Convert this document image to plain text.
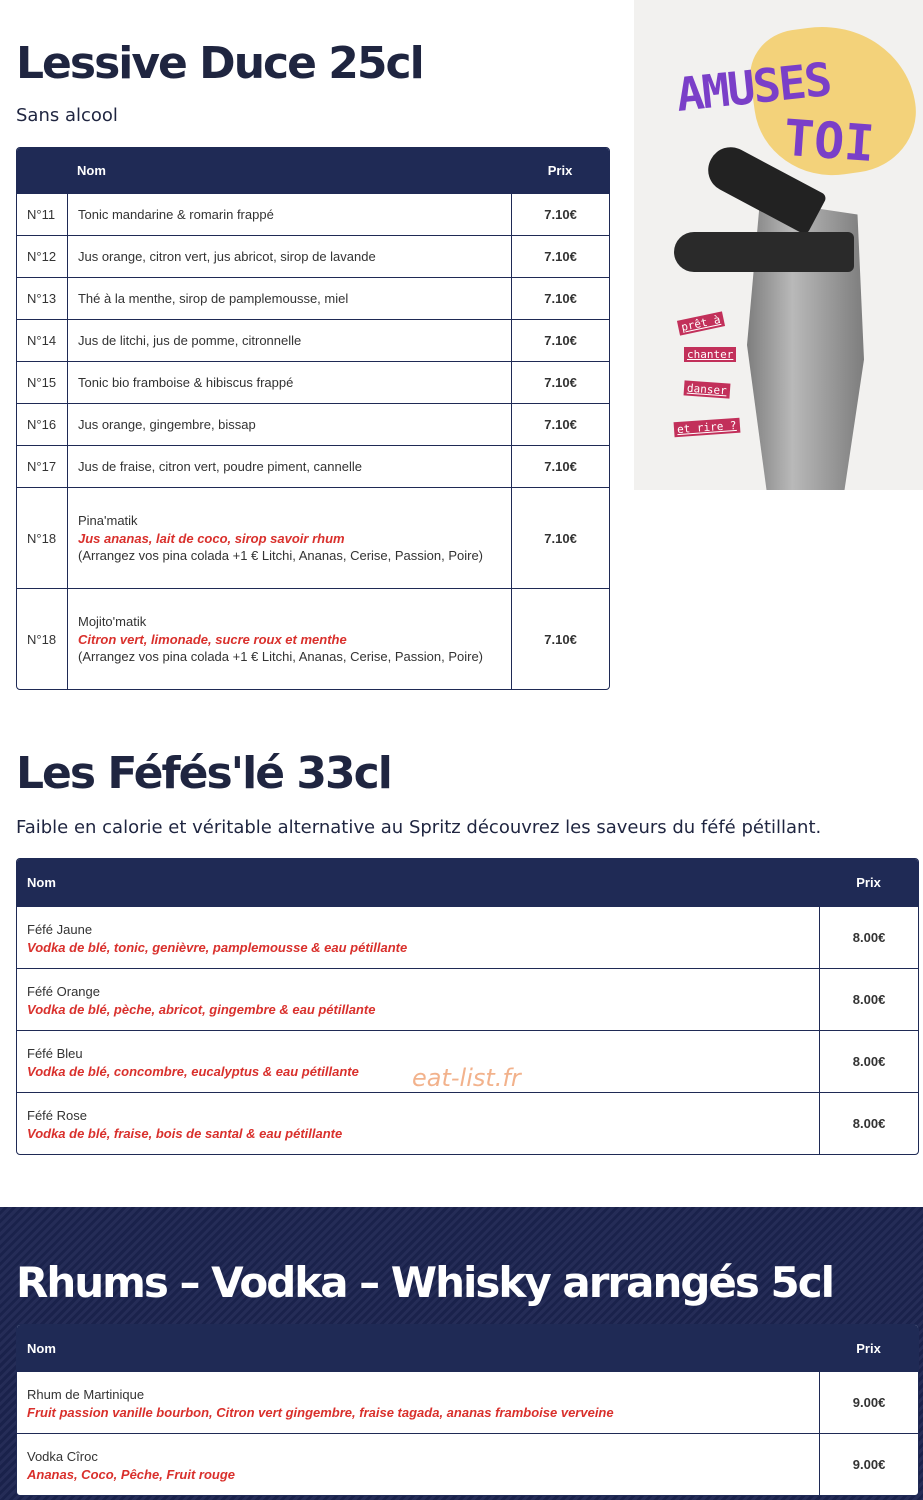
Lessive Duce 25cl

Sans alcool

	Nom	Prix
N°11	Tonic mandarine & romarin frappé	7.10€
N°12	Jus orange, citron vert, jus abricot, sirop de lavande	7.10€
N°13	Thé à la menthe, sirop de pamplemousse, miel	7.10€
N°14	Jus de litchi, jus de pomme, citronnelle	7.10€
N°15	Tonic bio framboise & hibiscus frappé	7.10€
N°16	Jus orange, gingembre, bissap	7.10€
N°17	Jus de fraise, citron vert, poudre piment, cannelle	7.10€
N°18	Pina'matik
Jus ananas, lait de coco, sirop savoir rhum
(Arrangez vos pina colada +1 € Litchi, Ananas, Cerise, Passion, Poire)	7.10€
N°18	Mojito'matik
Citron vert, limonade, sucre roux et menthe
(Arrangez vos pina colada +1 € Litchi, Ananas, Cerise, Passion, Poire)	7.10€
AMUSES
TOI
prêt à
chanter
danser
et rire ?
Les Féfés'lé 33cl

Faible en calorie et véritable alternative au Spritz découvrez les saveurs du féfé pétillant.

Nom	Prix

Féfé Jaune
Vodka de blé, tonic, genièvre, pamplemousse & eau pétillante	8.00€

Féfé Orange
Vodka de blé, pèche, abricot, gingembre & eau pétillante	8.00€

Féfé Bleu
Vodka de blé, concombre, eucalyptus & eau pétillante	8.00€

Féfé Rose
Vodka de blé, fraise, bois de santal & eau pétillante	8.00€
eat-list.fr
Rhums – Vodka – Whisky arrangés 5cl
Nom	Prix

Rhum de Martinique
Fruit passion vanille bourbon, Citron vert gingembre, fraise tagada, ananas framboise verveine	9.00€

Vodka Cîroc
Ananas, Coco, Pêche, Fruit rouge	9.00€
